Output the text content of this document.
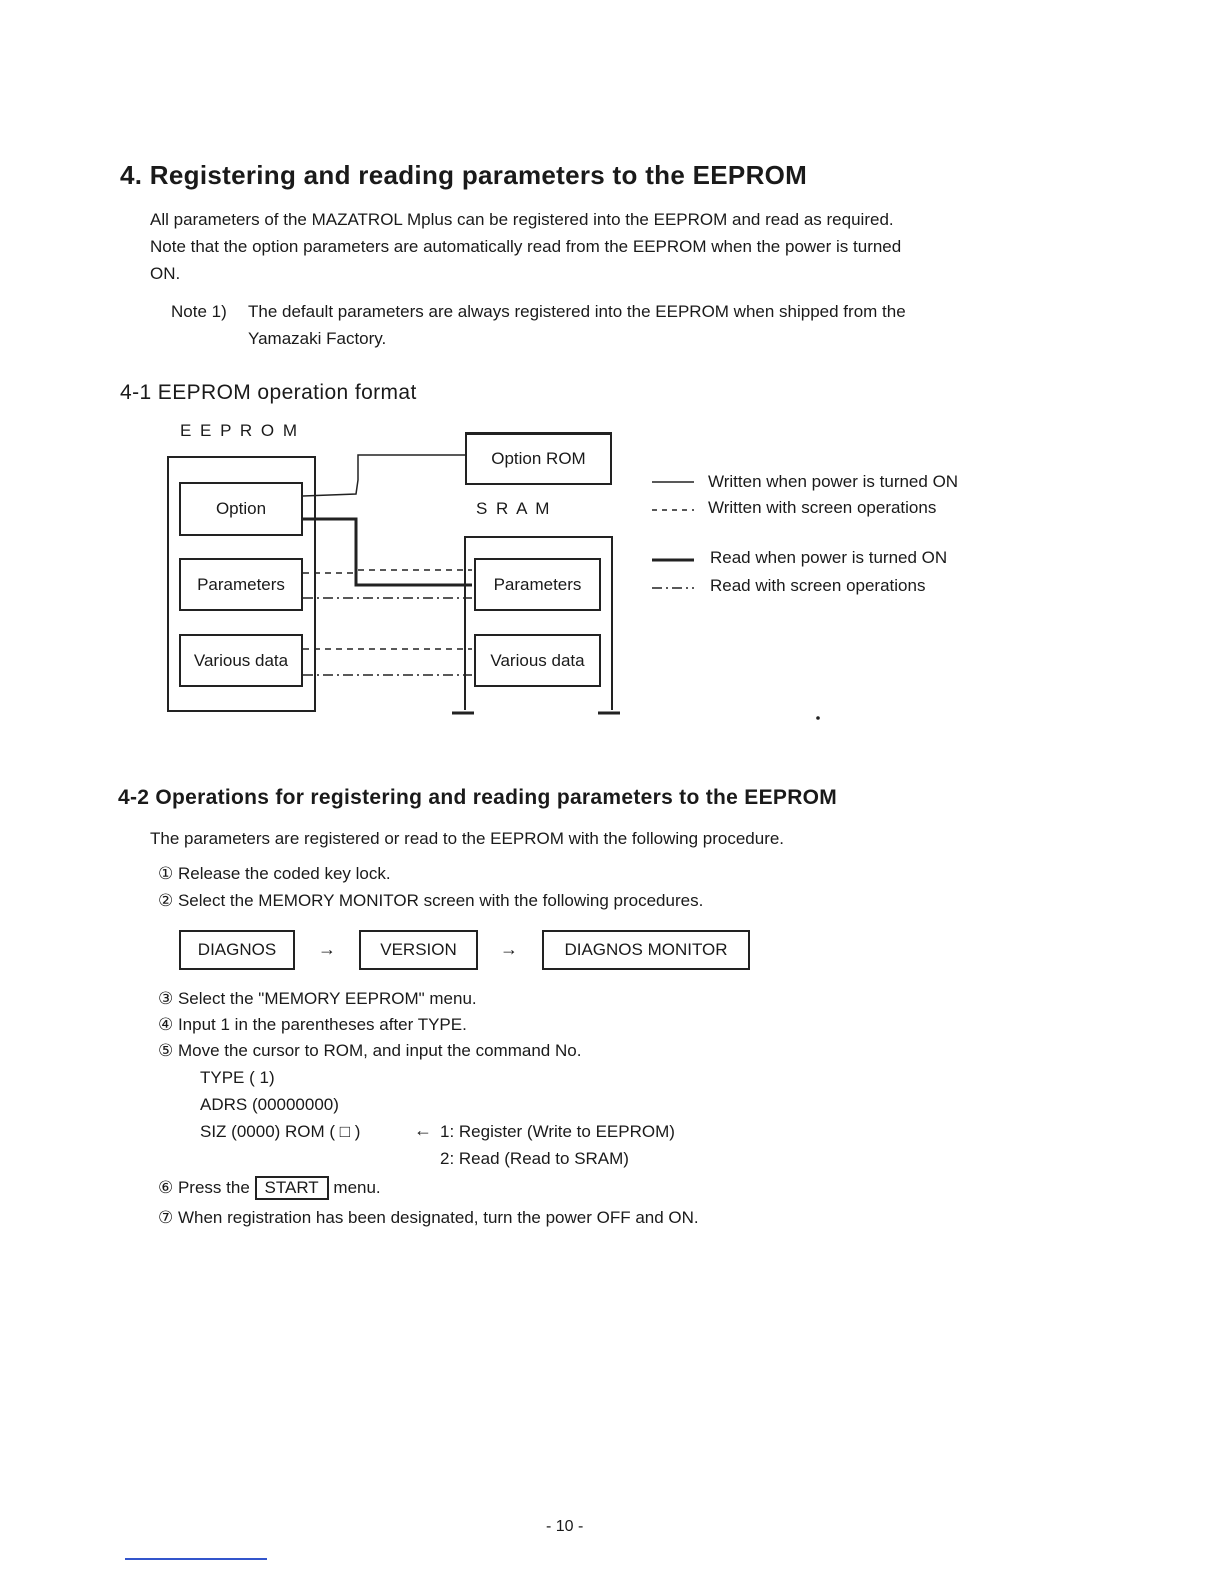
4. Registering and reading parameters to the EEPROM
All parameters of the MAZATROL Mplus can be registered into the EEPROM and read as required.
Note that the option parameters are automatically read from the EEPROM when the power is turned
ON.
Note 1) The default parameters are always registered into the EEPROM when shipped from the
Yamazaki Factory.
4-1 EEPROM operation format
E E P R O M
S R A M
Option
Parameters
Various data
Option ROM
Parameters
Various data
Written when power is turned ON
Written with screen operations
Read when power is turned ON
Read with screen operations
4-2 Operations for registering and reading parameters to the EEPROM
The parameters are registered or read to the EEPROM with the following procedure.
① Release the coded key lock.
② Select the MEMORY MONITOR screen with the following procedures.
DIAGNOS	→	VERSION	→	DIAGNOS MONITOR
③ Select the "MEMORY EEPROM" menu.
④ Input 1 in the parentheses after TYPE.
⑤ Move the cursor to ROM, and input the command No.
TYPE ( 1)
ADRS (00000000)
SIZ (0000) ROM ( □ )	← 1: Register (Write to EEPROM)
2: Read (Read to SRAM)
⑥ Press the START menu.
⑦ When registration has been designated, turn the power OFF and ON.
- 10 -
